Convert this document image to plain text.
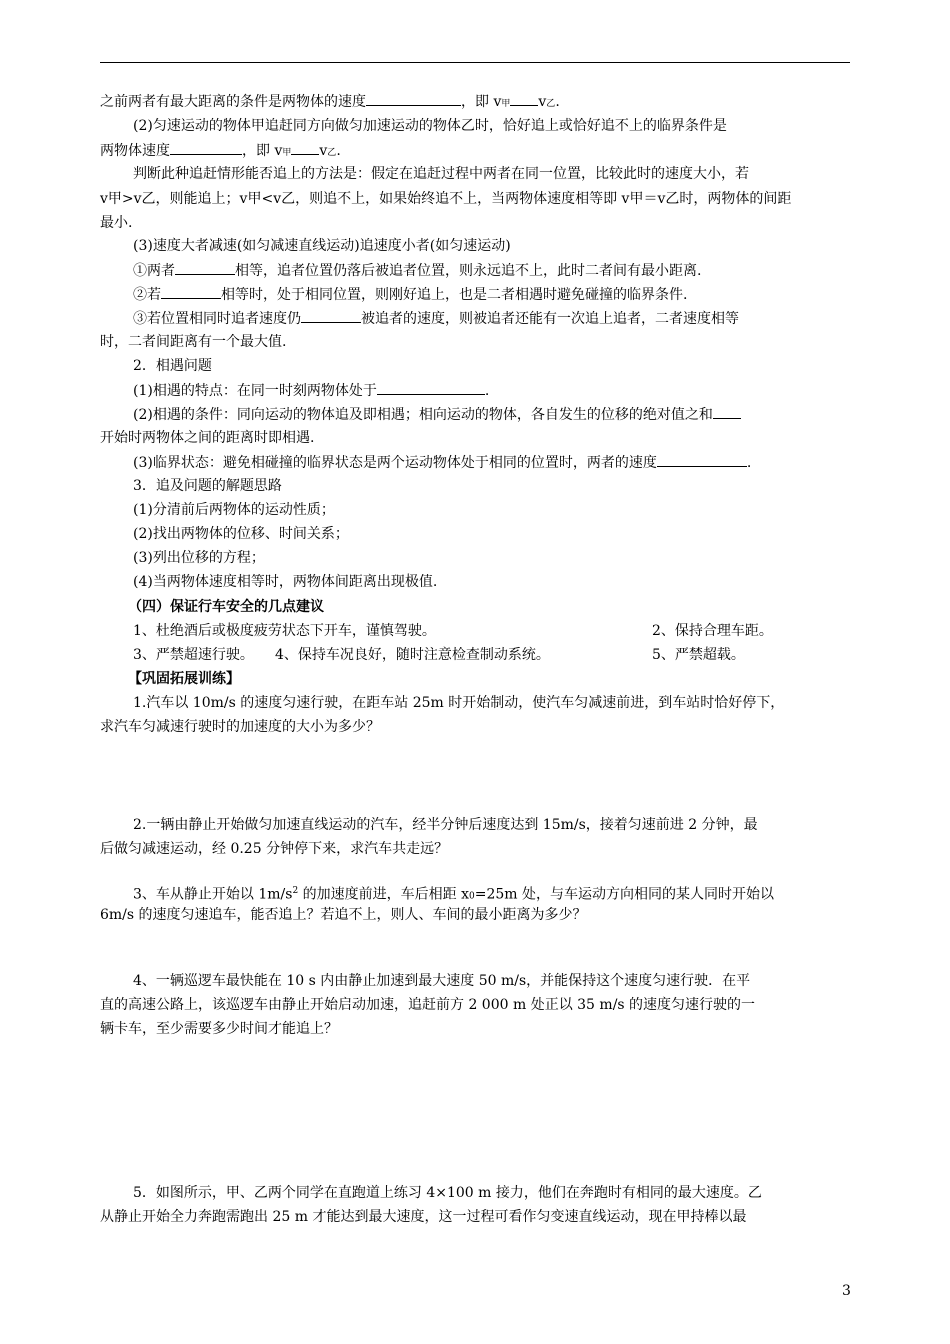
之前两者有最大距离的条件是两物体的速度	，即 v甲 v乙.
(2)匀速运动的物体甲追赶同方向做匀加速运动的物体乙时，恰好追上或恰好追不上的临界条件是
两物体速度	，即 v甲 v乙.
判断此种追赶情形能否追上的方法是：假定在追赶过程中两者在同一位置，比较此时的速度大小，若
v甲>v乙，则能追上；v甲<v乙，则追不上，如果始终追不上，当两物体速度相等即 v甲＝v乙时，两物体的间距
最小.
(3)速度大者减速(如匀减速直线运动)追速度小者(如匀速运动)
①两者	相等，追者位置仍落后被追者位置，则永远追不上，此时二者间有最小距离.
②若	相等时，处于相同位置，则刚好追上，也是二者相遇时避免碰撞的临界条件.
③若位置相同时追者速度仍	被追者的速度，则被追者还能有一次追上追者，二者速度相等
时，二者间距离有一个最大值.
2．相遇问题
(1)相遇的特点：在同一时刻两物体处于	.
(2)相遇的条件：同向运动的物体追及即相遇；相向运动的物体，各自发生的位移的绝对值之和
开始时两物体之间的距离时即相遇.
(3)临界状态：避免相碰撞的临界状态是两个运动物体处于相同的位置时，两者的速度	.
3．追及问题的解题思路
(1)分清前后两物体的运动性质；
(2)找出两物体的位移、时间关系；
(3)列出位移的方程；
(4)当两物体速度相等时，两物体间距离出现极值.
（四）保证行车安全的几点建议
1、杜绝酒后或极度疲劳状态下开车，谨慎驾驶。	2、保持合理车距。
3、严禁超速行驶。 4、保持车况良好，随时注意检查制动系统。	5、严禁超载。
【巩固拓展训练】
1.汽车以 10m/s 的速度匀速行驶，在距车站 25m 时开始制动，使汽车匀减速前进，到车站时恰好停下，
求汽车匀减速行驶时的加速度的大小为多少？
2.一辆由静止开始做匀加速直线运动的汽车，经半分钟后速度达到 15m/s，接着匀速前进 2 分钟，最
后做匀减速运动，经 0.25 分钟停下来，求汽车共走远？
3、车从静止开始以 $1m/s^2$ 的加速度前进，车后相距 x0=25m 处，与车运动方向相同的某人同时开始以
6m/s 的速度匀速追车，能否追上？若追不上，则人、车间的最小距离为多少？
4、一辆巡逻车最快能在 10 s 内由静止加速到最大速度 50 m/s，并能保持这个速度匀速行驶．在平
直的高速公路上，该巡逻车由静止开始启动加速，追赶前方 2 000 m 处正以 35 m/s 的速度匀速行驶的一
辆卡车，至少需要多少时间才能追上？
5．如图所示，甲、乙两个同学在直跑道上练习 4×100 m 接力，他们在奔跑时有相同的最大速度。乙
从静止开始全力奔跑需跑出 25 m 才能达到最大速度，这一过程可看作匀变速直线运动，现在甲持棒以最
3
